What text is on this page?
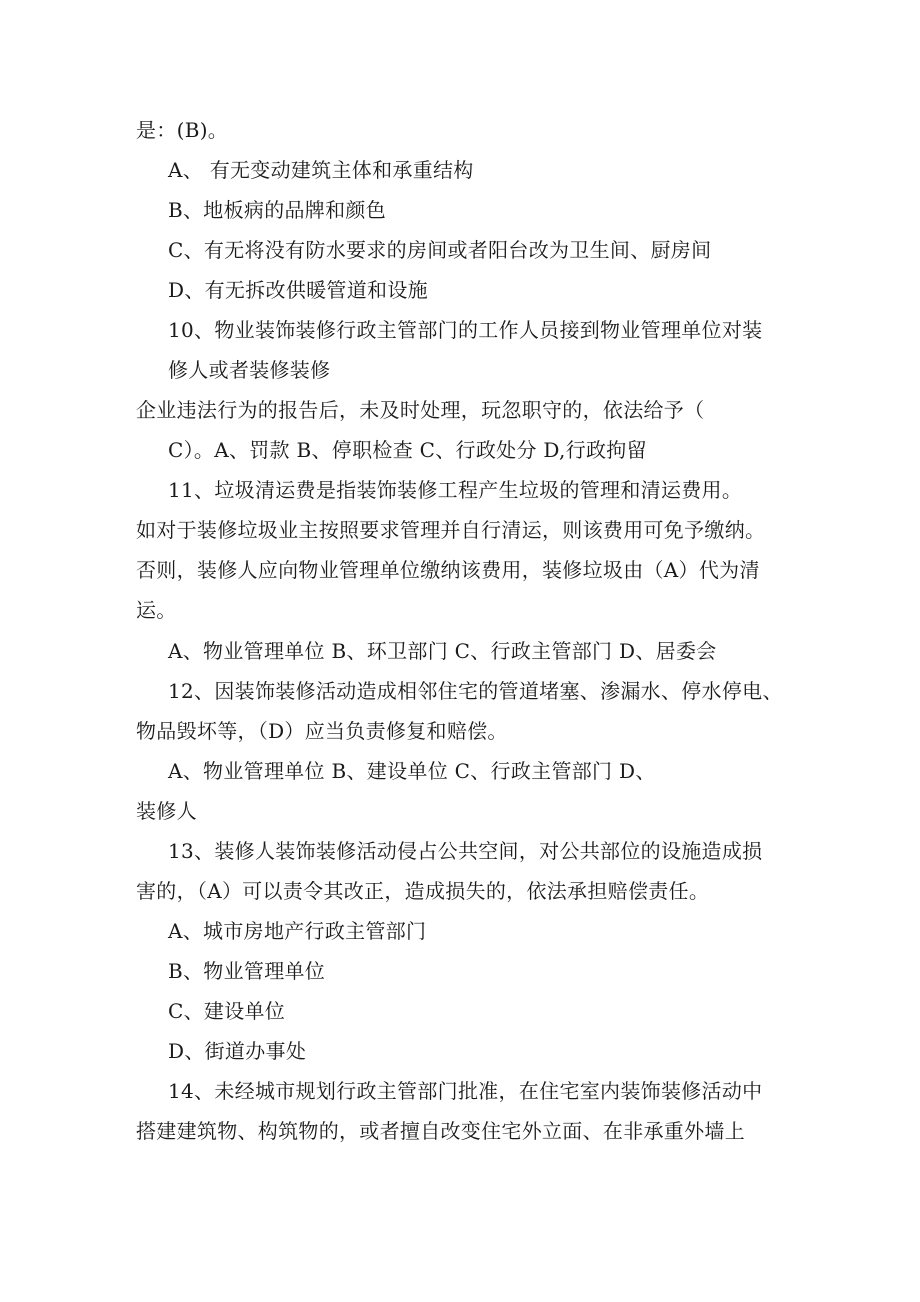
是：(B)。
A、 有无变动建筑主体和承重结构
B、地板病的品牌和颜色
C、有无将没有防水要求的房间或者阳台改为卫生间、厨房间
D、有无拆改供暖管道和设施
10、物业装饰装修行政主管部门的工作人员接到物业管理单位对装
修人或者装修装修
企业违法行为的报告后，未及时处理，玩忽职守的，依法给予（
C）。A、罚款 B、停职检查 C、行政处分 D,行政拘留
11、垃圾清运费是指装饰装修工程产生垃圾的管理和清运费用。
如对于装修垃圾业主按照要求管理并自行清运，则该费用可免予缴纳。
否则，装修人应向物业管理单位缴纳该费用，装修垃圾由（A）代为清
运。
A、物业管理单位 B、环卫部门 C、行政主管部门 D、居委会
12、因装饰装修活动造成相邻住宅的管道堵塞、渗漏水、停水停电、
物品毁坏等，（D）应当负责修复和赔偿。
A、物业管理单位 B、建设单位 C、行政主管部门 D、
装修人
13、装修人装饰装修活动侵占公共空间，对公共部位的设施造成损
害的，（A）可以责令其改正，造成损失的，依法承担赔偿责任。
A、城市房地产行政主管部门
B、物业管理单位
C、建设单位
D、街道办事处
14、未经城市规划行政主管部门批准，在住宅室内装饰装修活动中
搭建建筑物、构筑物的，或者擅自改变住宅外立面、在非承重外墙上
